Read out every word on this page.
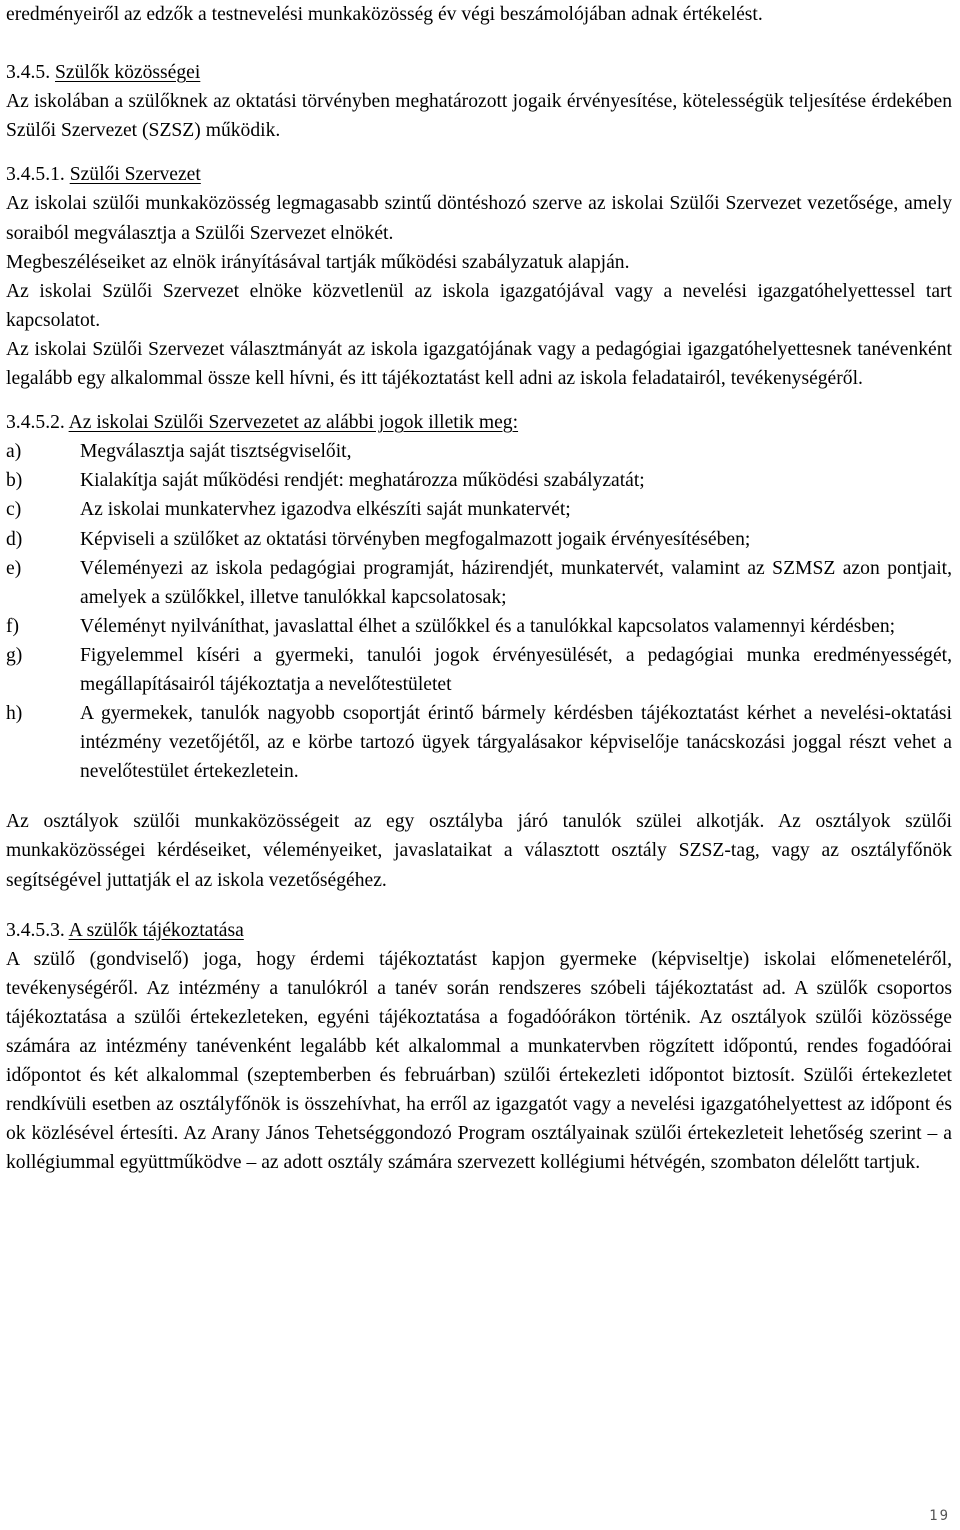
eredményeiről az edzők a testnevelési munkaközösség év végi beszámolójában adnak értékelést.

3.4.5. Szülők közösségei

Az iskolában a szülőknek az oktatási törvényben meghatározott jogaik érvényesítése, kötelességük teljesítése érdekében Szülői Szervezet (SZSZ) működik.

3.4.5.1. Szülői Szervezet

Az iskolai szülői munkaközösség legmagasabb szintű döntéshozó szerve az iskolai Szülői Szervezet vezetősége, amely soraiból megválasztja a Szülői Szervezet elnökét.

Megbeszéléseiket az elnök irányításával tartják működési szabályzatuk alapján.

Az iskolai Szülői Szervezet elnöke közvetlenül az iskola igazgatójával vagy a nevelési igazgatóhelyettessel tart kapcsolatot.

Az iskolai Szülői Szervezet választmányát az iskola igazgatójának vagy a pedagógiai igazgatóhelyettesnek tanévenként legalább egy alkalommal össze kell hívni, és itt tájékoztatást kell adni az iskola feladatairól, tevékenységéről.

3.4.5.2. Az iskolai Szülői Szervezetet az alábbi jogok illetik meg:

a)	Megválasztja saját tisztségviselőit,
b)	Kialakítja saját működési rendjét: meghatározza működési szabályzatát;
c)	Az iskolai munkatervhez igazodva elkészíti saját munkatervét;
d)	Képviseli a szülőket az oktatási törvényben megfogalmazott jogaik érvényesítésében;
e)	Véleményezi az iskola pedagógiai programját, házirendjét, munkatervét, valamint az SZMSZ azon pontjait, amelyek a szülőkkel, illetve tanulókkal kapcsolatosak;
f)	Véleményt nyilváníthat, javaslattal élhet a szülőkkel és a tanulókkal kapcsolatos valamennyi kérdésben;
g)	Figyelemmel kíséri a gyermeki, tanulói jogok érvényesülését, a pedagógiai munka eredményességét, megállapításairól tájékoztatja a nevelőtestületet
h)	A gyermekek, tanulók nagyobb csoportját érintő bármely kérdésben tájékoztatást kérhet a nevelési-oktatási intézmény vezetőjétől, az e körbe tartozó ügyek tárgyalásakor képviselője tanácskozási joggal részt vehet a nevelőtestület értekezletein.

Az osztályok szülői munkaközösségeit az egy osztályba járó tanulók szülei alkotják. Az osztályok szülői munkaközösségei kérdéseiket, véleményeiket, javaslataikat a választott osztály SZSZ-tag, vagy az osztályfőnök segítségével juttatják el az iskola vezetőségéhez.

3.4.5.3. A szülők tájékoztatása

A szülő (gondviselő) joga, hogy érdemi tájékoztatást kapjon gyermeke (képviseltje) iskolai előmeneteléről, tevékenységéről. Az intézmény a tanulókról a tanév során rendszeres szóbeli tájékoztatást ad. A szülők csoportos tájékoztatása a szülői értekezleteken, egyéni tájékoztatása a fogadóórákon történik. Az osztályok szülői közössége számára az intézmény tanévenként legalább két alkalommal a munkatervben rögzített időpontú, rendes fogadóórai időpontot és két alkalommal (szeptemberben és februárban) szülői értekezleti időpontot biztosít. Szülői értekezletet rendkívüli esetben az osztályfőnök is összehívhat, ha erről az igazgatót vagy a nevelési igazgatóhelyettest az időpont és ok közlésével értesíti. Az Arany János Tehetséggondozó Program osztályainak szülői értekezleteit lehetőség szerint – a kollégiummal együttműködve – az adott osztály számára szervezett kollégiumi hétvégén, szombaton délelőtt tartjuk.

19
